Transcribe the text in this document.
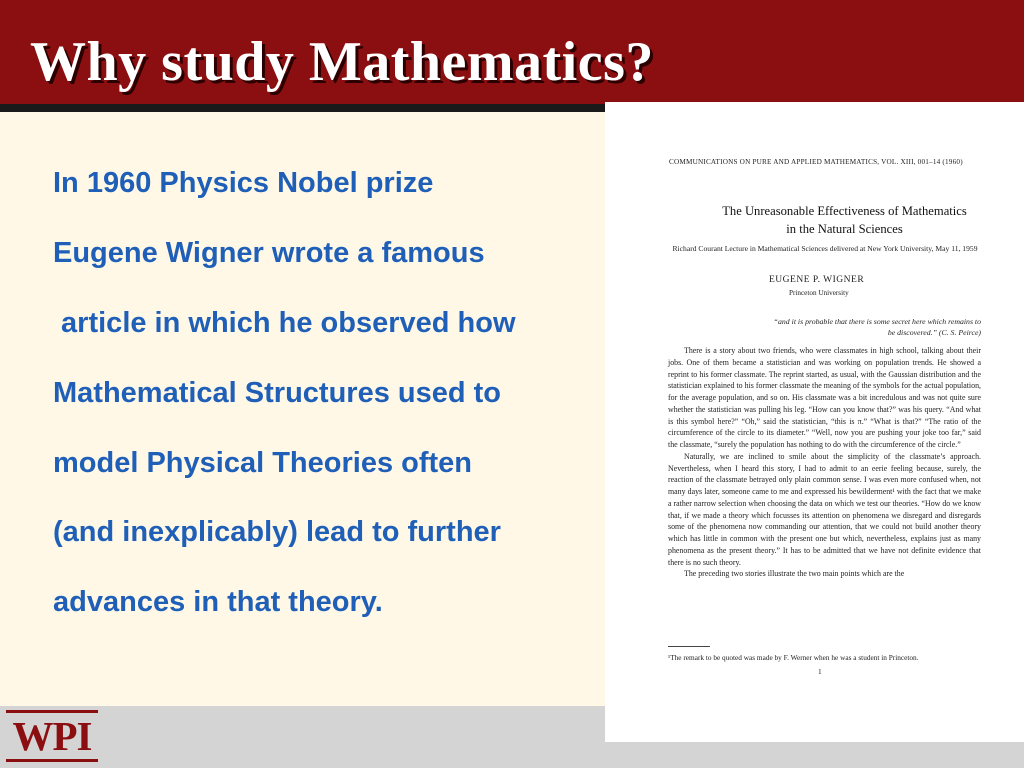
Why study Mathematics?

In 1960 Physics Nobel prize

Eugene Wigner wrote a famous

article in which he observed how

Mathematical Structures used to

model Physical Theories often

(and inexplicably) lead to further

advances in that theory.

WPI
COMMUNICATIONS ON PURE AND APPLIED MATHEMATICS, VOL. XIII, 001–14 (1960)
The Unreasonable Effectiveness of Mathematics
in the Natural Sciences
Richard Courant Lecture in Mathematical Sciences delivered at New York University, May 11, 1959
EUGENE P. WIGNER
Princeton University
“and it is probable that there is some secret here which remains to be discovered.” (C. S. Peirce)

There is a story about two friends, who were classmates in high school, talking about their jobs. One of them became a statistician and was working on population trends. He showed a reprint to his former classmate. The reprint started, as usual, with the Gaussian distribution and the statistician explained to his former classmate the meaning of the symbols for the actual population, for the average population, and so on. His classmate was a bit incredulous and was not quite sure whether the statistician was pulling his leg. “How can you know that?” was his query. “And what is this symbol here?” “Oh,” said the statistician, “this is π.” “What is that?” “The ratio of the circumference of the circle to its diameter.” “Well, now you are pushing your joke too far,” said the classmate, “surely the population has nothing to do with the circumference of the circle.”

Naturally, we are inclined to smile about the simplicity of the classmate’s approach. Nevertheless, when I heard this story, I had to admit to an eerie feeling because, surely, the reaction of the classmate betrayed only plain common sense. I was even more confused when, not many days later, someone came to me and expressed his bewilderment¹ with the fact that we make a rather narrow selection when choosing the data on which we test our theories. “How do we know that, if we made a theory which focusses its attention on phenomena we disregard and disregards some of the phenomena now commanding our attention, that we could not build another theory which has little in common with the present one but which, nevertheless, explains just as many phenomena as the present theory.” It has to be admitted that we have not definite evidence that there is no such theory.

The preceding two stories illustrate the two main points which are the

¹The remark to be quoted was made by F. Werner when he was a student in Princeton.
1
